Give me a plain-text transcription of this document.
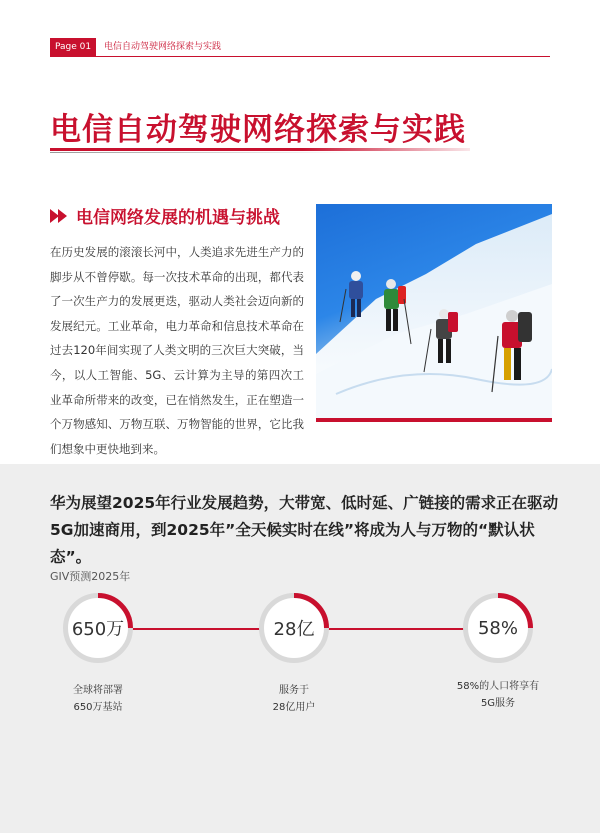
Page 01	电信自动驾驶网络探索与实践
电信自动驾驶网络探索与实践
电信网络发展的机遇与挑战
在历史发展的滚滚长河中，人类追求先进生产力的脚步从不曾停歇。每一次技术革命的出现，都代表了一次生产力的发展更迭，驱动人类社会迈向新的发展纪元。工业革命，电力革命和信息技术革命在过去120年间实现了人类文明的三次巨大突破，当今，以人工智能、5G、云计算为主导的第四次工业革命所带来的改变，已在悄然发生，正在塑造一个万物感知、万物互联、万物智能的世界，它比我们想象中更快地到来。
华为展望2025年行业发展趋势，大带宽、低时延、广链接的需求正在驱动5G加速商用，到2025年”全天候实时在线”将成为人与万物的“默认状态”。
GIV预测2025年
650万	28亿	58%
全球将部署
650万基站
服务于
28亿用户
58%的人口将享有
5G服务
